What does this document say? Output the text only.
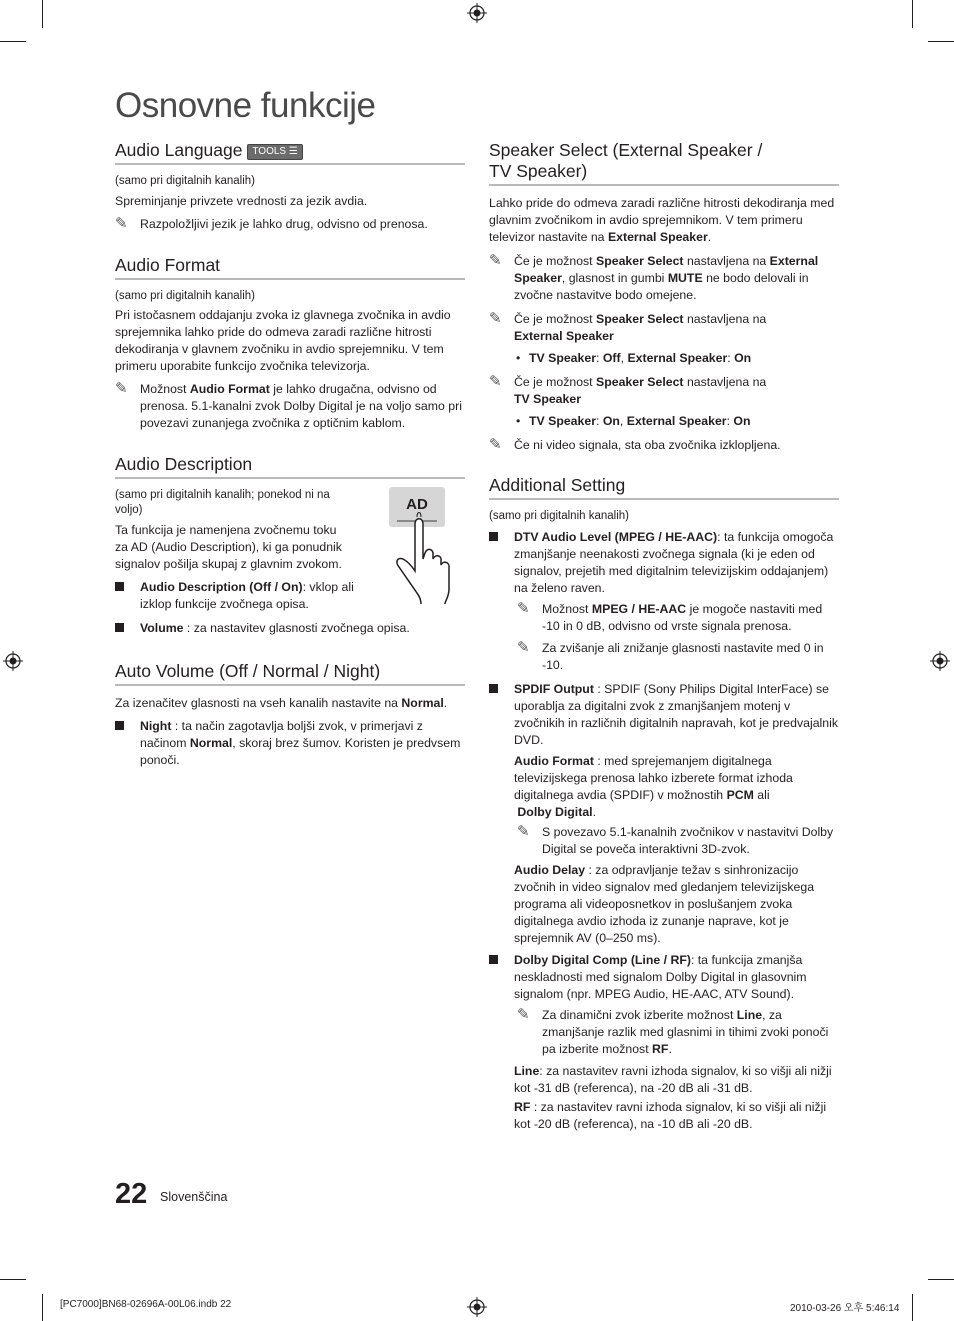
Osnovne funkcije
Audio Language TOOLS ☰
(samo pri digitalnih kanalih)
Spreminjanje privzete vrednosti za jezik avdia.
✎ Razpoložljivi jezik je lahko drug, odvisno od prenosa.
Audio Format
(samo pri digitalnih kanalih)
Pri istočasnem oddajanju zvoka iz glavnega zvočnika in avdio sprejemnika lahko pride do odmeva zaradi različne hitrosti dekodiranja v glavnem zvočniku in avdio sprejemniku. V tem primeru uporabite funkcijo zvočnika televizorja.
✎ Možnost Audio Format je lahko drugačna, odvisno od prenosa. 5.1-kanalni zvok Dolby Digital je na voljo samo pri povezavi zunanjega zvočnika z optičnim kablom.
Audio Description
(samo pri digitalnih kanalih; ponekod ni na voljo)
Ta funkcija je namenjena zvočnemu toku za AD (Audio Description), ki ga ponudnik signalov pošilja skupaj z glavnim zvokom.
AD
Audio Description (Off / On): vklop ali izklop funkcije zvočnega opisa.
Volume : za nastavitev glasnosti zvočnega opisa.
Auto Volume (Off / Normal / Night)
Za izenačitev glasnosti na vseh kanalih nastavite na Normal.
Night : ta način zagotavlja boljši zvok, v primerjavi z načinom Normal, skoraj brez šumov. Koristen je predvsem ponoči.
Speaker Select (External Speaker /
TV Speaker)
Lahko pride do odmeva zaradi različne hitrosti dekodiranja med glavnim zvočnikom in avdio sprejemnikom. V tem primeru televizor nastavite na External Speaker.
✎ Če je možnost Speaker Select nastavljena na External Speaker, glasnost in gumbi MUTE ne bodo delovali in zvočne nastavitve bodo omejene.
✎ Če je možnost Speaker Select nastavljena na
External Speaker
• TV Speaker: Off, External Speaker: On
✎ Če je možnost Speaker Select nastavljena na
TV Speaker
• TV Speaker: On, External Speaker: On
✎ Če ni video signala, sta oba zvočnika izklopljena.
Additional Setting
(samo pri digitalnih kanalih)
DTV Audio Level (MPEG / HE-AAC): ta funkcija omogoča zmanjšanje neenakosti zvočnega signala (ki je eden od signalov, prejetih med digitalnim televizijskim oddajanjem) na želeno raven.
✎ Možnost MPEG / HE-AAC je mogoče nastaviti med -10 in 0 dB, odvisno od vrste signala prenosa.
✎ Za zvišanje ali znižanje glasnosti nastavite med 0 in -10.
SPDIF Output : SPDIF (Sony Philips Digital InterFace) se uporablja za digitalni zvok z zmanjšanjem motenj v zvočnikih in različnih digitalnih napravah, kot je predvajalnik DVD.
Audio Format : med sprejemanjem digitalnega televizijskega prenosa lahko izberete format izhoda digitalnega avdia (SPDIF) v možnostih PCM ali
Dolby Digital.
✎ S povezavo 5.1-kanalnih zvočnikov v nastavitvi Dolby Digital se poveča interaktivni 3D-zvok.
Audio Delay : za odpravljanje težav s sinhronizacijo zvočnih in video signalov med gledanjem televizijskega programa ali videoposnetkov in poslušanjem zvoka digitalnega avdio izhoda iz zunanje naprave, kot je sprejemnik AV (0–250 ms).
Dolby Digital Comp (Line / RF): ta funkcija zmanjša neskladnosti med signalom Dolby Digital in glasovnim signalom (npr. MPEG Audio, HE-AAC, ATV Sound).
✎ Za dinamični zvok izberite možnost Line, za zmanjšanje razlik med glasnimi in tihimi zvoki ponoči pa izberite možnost RF.
Line: za nastavitev ravni izhoda signalov, ki so višji ali nižji kot -31 dB (referenca), na -20 dB ali -31 dB.
RF : za nastavitev ravni izhoda signalov, ki so višji ali nižji kot -20 dB (referenca), na -10 dB ali -20 dB.
22 Slovenščina
[PC7000]BN68-02696A-00L06.indb 22	2010-03-26 오후 5:46:14
